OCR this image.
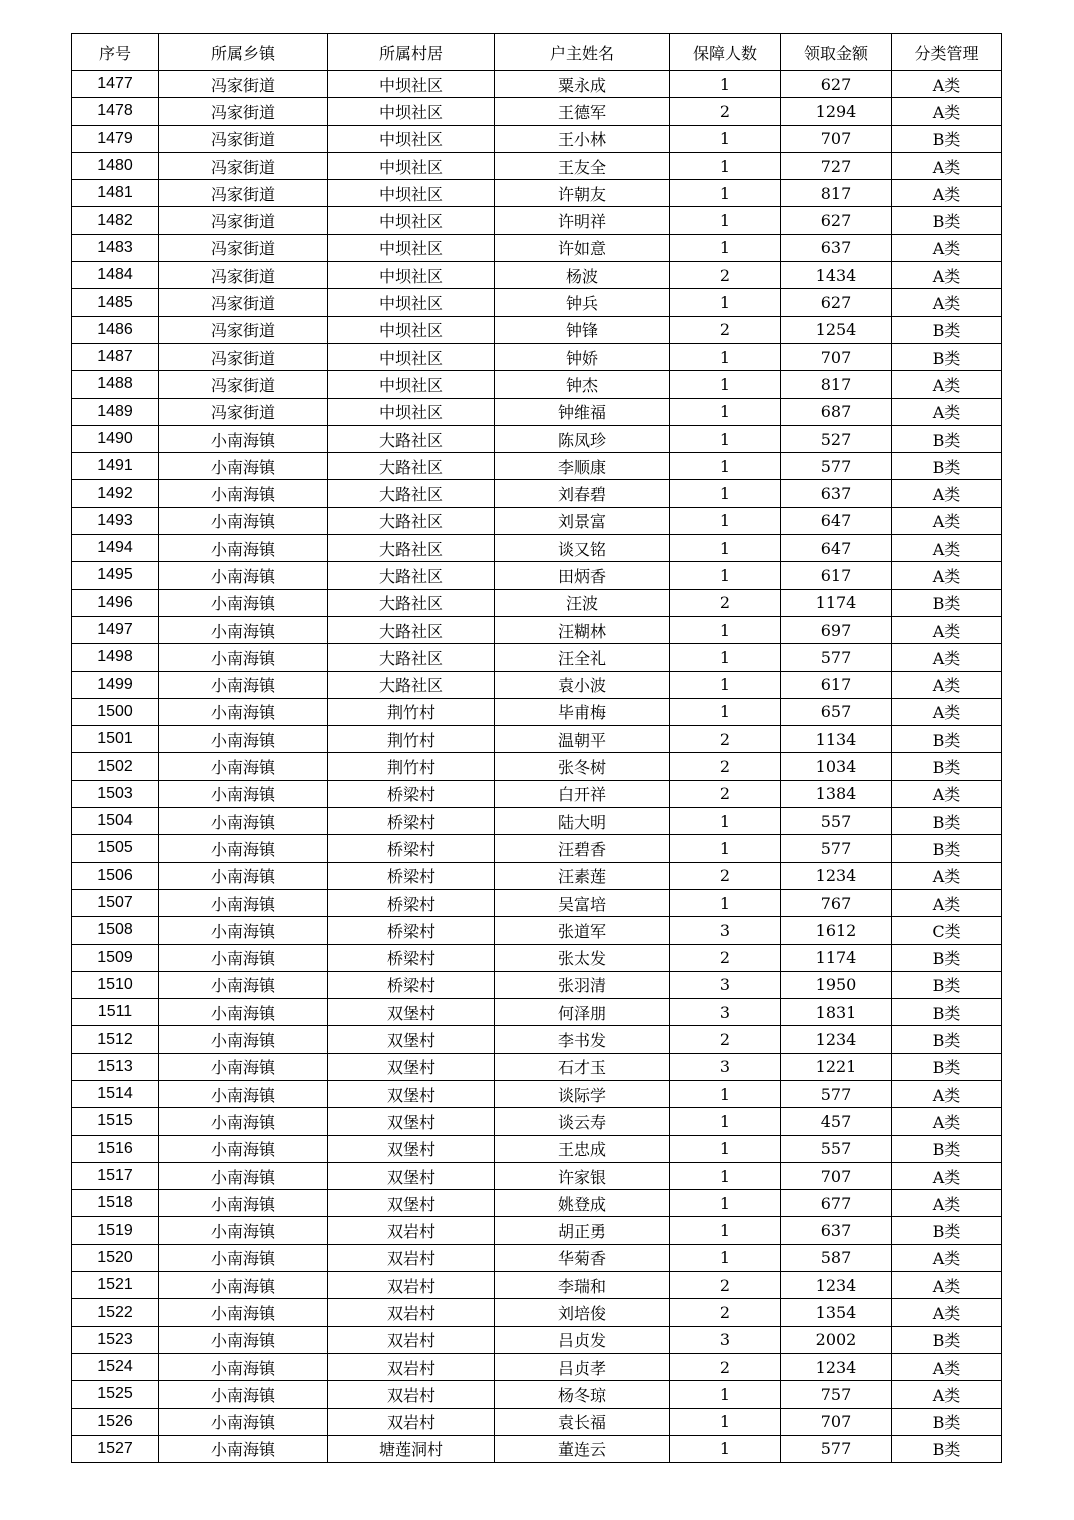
序号	所属乡镇	所属村居	户主姓名	保障人数	领取金额	分类管理
1477	冯家街道	中坝社区	粟永成	1	627	A类
1478	冯家街道	中坝社区	王德军	2	1294	A类
1479	冯家街道	中坝社区	王小林	1	707	B类
1480	冯家街道	中坝社区	王友全	1	727	A类
1481	冯家街道	中坝社区	许朝友	1	817	A类
1482	冯家街道	中坝社区	许明祥	1	627	B类
1483	冯家街道	中坝社区	许如意	1	637	A类
1484	冯家街道	中坝社区	杨波	2	1434	A类
1485	冯家街道	中坝社区	钟兵	1	627	A类
1486	冯家街道	中坝社区	钟锋	2	1254	B类
1487	冯家街道	中坝社区	钟娇	1	707	B类
1488	冯家街道	中坝社区	钟杰	1	817	A类
1489	冯家街道	中坝社区	钟维福	1	687	A类
1490	小南海镇	大路社区	陈凤珍	1	527	B类
1491	小南海镇	大路社区	李顺康	1	577	B类
1492	小南海镇	大路社区	刘春碧	1	637	A类
1493	小南海镇	大路社区	刘景富	1	647	A类
1494	小南海镇	大路社区	谈又铭	1	647	A类
1495	小南海镇	大路社区	田炳香	1	617	A类
1496	小南海镇	大路社区	汪波	2	1174	B类
1497	小南海镇	大路社区	汪糊林	1	697	A类
1498	小南海镇	大路社区	汪全礼	1	577	A类
1499	小南海镇	大路社区	袁小波	1	617	A类
1500	小南海镇	荆竹村	毕甫梅	1	657	A类
1501	小南海镇	荆竹村	温朝平	2	1134	B类
1502	小南海镇	荆竹村	张冬树	2	1034	B类
1503	小南海镇	桥梁村	白开祥	2	1384	A类
1504	小南海镇	桥梁村	陆大明	1	557	B类
1505	小南海镇	桥梁村	汪碧香	1	577	B类
1506	小南海镇	桥梁村	汪素莲	2	1234	A类
1507	小南海镇	桥梁村	吴富培	1	767	A类
1508	小南海镇	桥梁村	张道军	3	1612	C类
1509	小南海镇	桥梁村	张太发	2	1174	B类
1510	小南海镇	桥梁村	张羽清	3	1950	B类
1511	小南海镇	双堡村	何泽朋	3	1831	B类
1512	小南海镇	双堡村	李书发	2	1234	B类
1513	小南海镇	双堡村	石才玉	3	1221	B类
1514	小南海镇	双堡村	谈际学	1	577	A类
1515	小南海镇	双堡村	谈云寿	1	457	A类
1516	小南海镇	双堡村	王忠成	1	557	B类
1517	小南海镇	双堡村	许家银	1	707	A类
1518	小南海镇	双堡村	姚登成	1	677	A类
1519	小南海镇	双岩村	胡正勇	1	637	B类
1520	小南海镇	双岩村	华菊香	1	587	A类
1521	小南海镇	双岩村	李瑞和	2	1234	A类
1522	小南海镇	双岩村	刘培俊	2	1354	A类
1523	小南海镇	双岩村	吕贞发	3	2002	B类
1524	小南海镇	双岩村	吕贞孝	2	1234	A类
1525	小南海镇	双岩村	杨冬琼	1	757	A类
1526	小南海镇	双岩村	袁长福	1	707	B类
1527	小南海镇	塘莲洞村	董连云	1	577	B类
